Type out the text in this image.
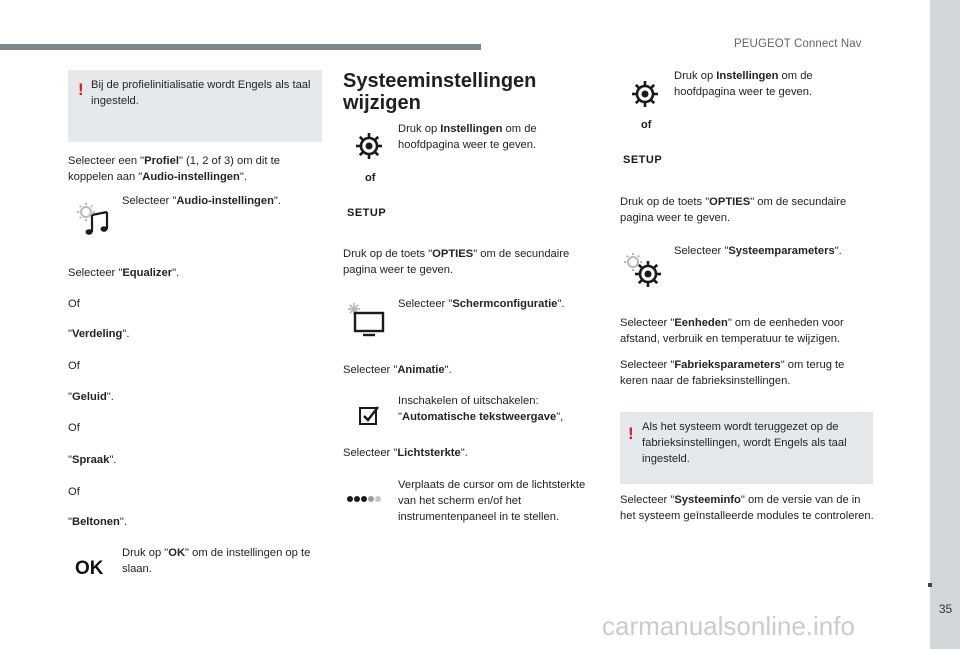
PEUGEOT Connect Nav
35
! Bij de profielinitialisatie wordt Engels als taal ingesteld.
Selecteer een "Profiel" (1, 2 of 3) om dit te koppelen aan "Audio-instellingen".
Selecteer "Audio-instellingen".
Selecteer "Equalizer".
Of
"Verdeling".
Of
"Geluid".
Of
"Spraak".
Of
"Beltonen".
OK
Druk op "OK" om de instellingen op te slaan.
Systeeminstellingen
wijzigen
of
SETUP
Druk op Instellingen om de hoofdpagina weer te geven.
Druk op de toets "OPTIES" om de secundaire pagina weer te geven.
Selecteer "Schermconfiguratie".
Selecteer "Animatie".
Inschakelen of uitschakelen: "Automatische tekstweergave",
Selecteer "Lichtsterkte".
Verplaats de cursor om de lichtsterkte van het scherm en/of het instrumentenpaneel in te stellen.
of
SETUP
Druk op Instellingen om de hoofdpagina weer te geven.
Druk op de toets "OPTIES" om de secundaire pagina weer te geven.
Selecteer "Systeemparameters".
Selecteer "Eenheden" om de eenheden voor afstand, verbruik en temperatuur te wijzigen.
Selecteer "Fabrieksparameters" om terug te keren naar de fabrieksinstellingen.
! Als het systeem wordt teruggezet op de fabrieksinstellingen, wordt Engels als taal ingesteld.
Selecteer "Systeeminfo" om de versie van de in het systeem geïnstalleerde modules te controleren.
carmanualsonline.info
